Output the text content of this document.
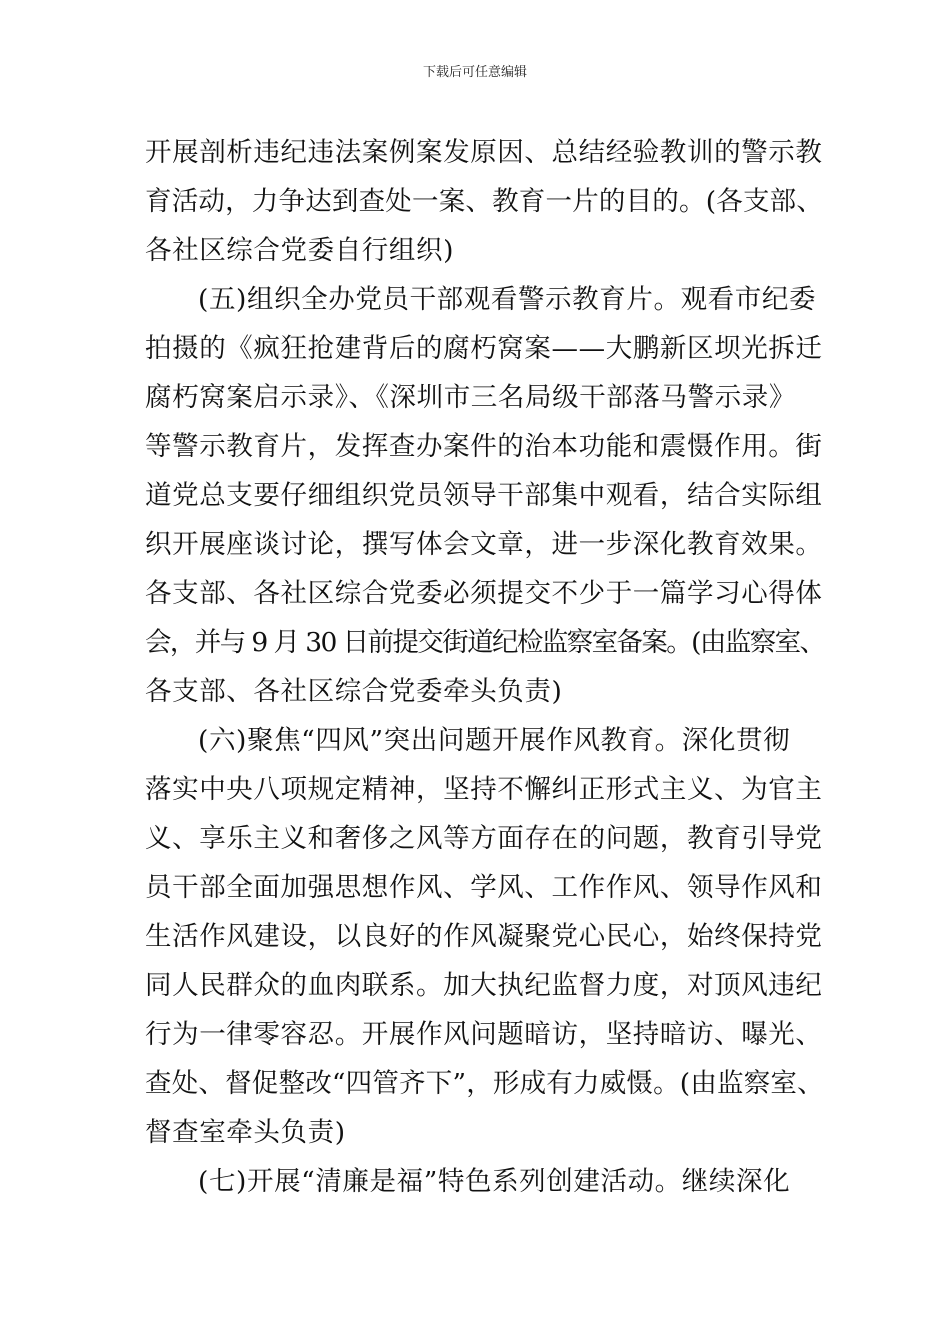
下载后可任意编辑
开展剖析违纪违法案例案发原因、总结经验教训的警示教
育活动，力争达到查处一案、教育一片的目的。(各支部、
各社区综合党委自行组织)
(五)组织全办党员干部观看警示教育片。观看市纪委
拍摄的《疯狂抢建背后的腐朽窝案——大鹏新区坝光拆迁
腐朽窝案启示录》、《深圳市三名局级干部落马警示录》
等警示教育片，发挥查办案件的治本功能和震慑作用。街
道党总支要仔细组织党员领导干部集中观看，结合实际组
织开展座谈讨论，撰写体会文章，进一步深化教育效果。
各支部、各社区综合党委必须提交不少于一篇学习心得体
会，并与 9 月 30 日前提交街道纪检监察室备案。(由监察室、
各支部、各社区综合党委牵头负责)
(六)聚焦“四风”突出问题开展作风教育。深化贯彻
落实中央八项规定精神，坚持不懈纠正形式主义、为官主
义、享乐主义和奢侈之风等方面存在的问题，教育引导党
员干部全面加强思想作风、学风、工作作风、领导作风和
生活作风建设，以良好的作风凝聚党心民心，始终保持党
同人民群众的血肉联系。加大执纪监督力度，对顶风违纪
行为一律零容忍。开展作风问题暗访，坚持暗访、曝光、
查处、督促整改“四管齐下”，形成有力威慑。(由监察室、
督查室牵头负责)
(七)开展“清廉是福”特色系列创建活动。继续深化
